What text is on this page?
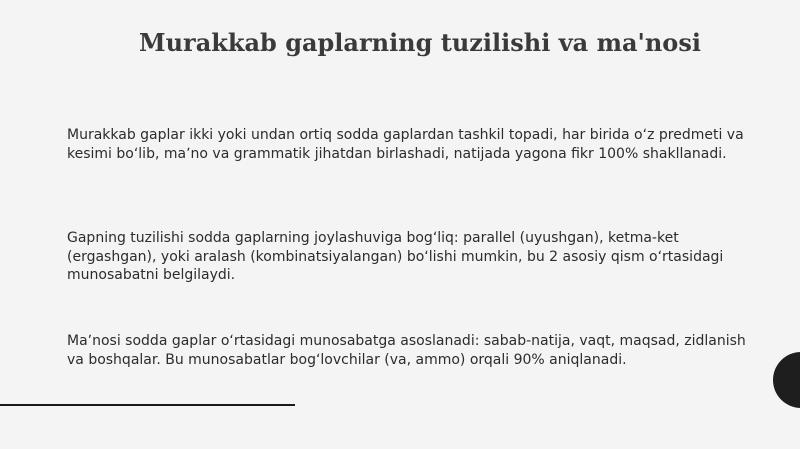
Murakkab gaplarning tuzilishi va ma'nosi
Murakkab gaplar ikki yoki undan ortiq sodda gaplardan tashkil topadi, har birida oʻz predmeti va kesimi boʻlib, maʼno va grammatik jihatdan birlashadi, natijada yagona fikr 100% shakllanadi.
Gapning tuzilishi sodda gaplarning joylashuviga bogʻliq: parallel (uyushgan), ketma-ket (ergashgan), yoki aralash (kombinatsiyalangan) boʻlishi mumkin, bu 2 asosiy qism oʻrtasidagi munosabatni belgilaydi.
Maʼnosi sodda gaplar oʻrtasidagi munosabatga asoslanadi: sabab-natija, vaqt, maqsad, zidlanish va boshqalar. Bu munosabatlar bogʻlovchilar (va, ammo) orqali 90% aniqlanadi.
